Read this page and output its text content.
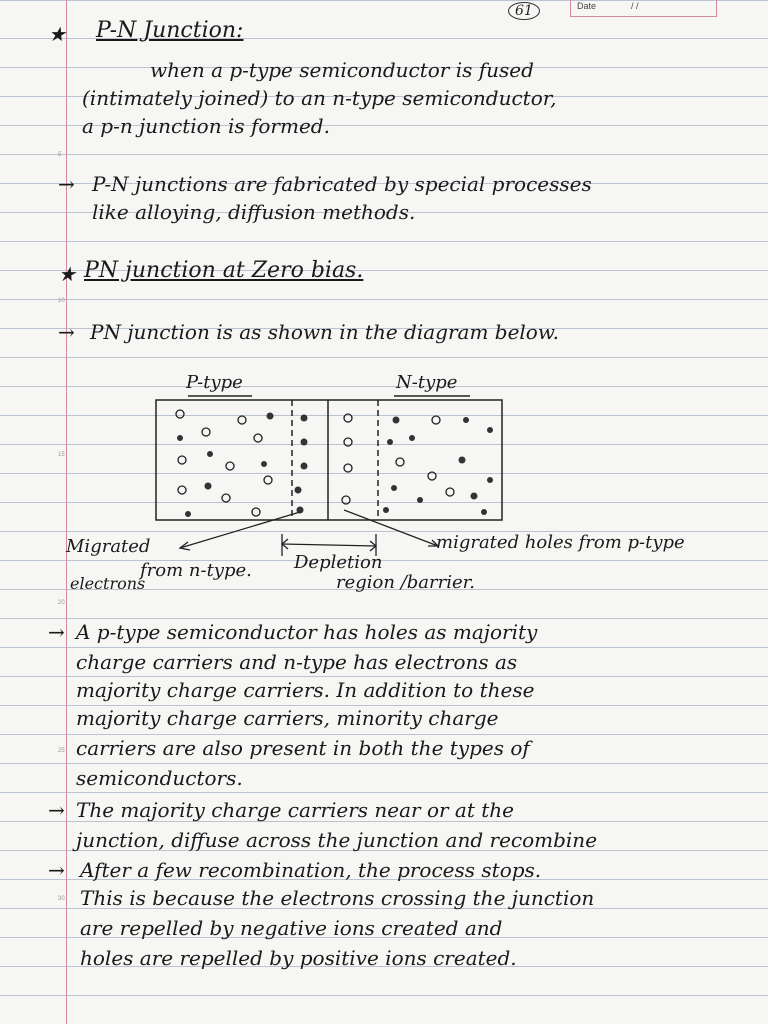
Date	/ /
61
5
10
15
20
25
30
★ P-N Junction:
when a p-type semiconductor is fused
(intimately joined) to an n-type semiconductor,
a p-n junction is formed.
→ P-N junctions are fabricated by special processes
like alloying, diffusion methods.
★ PN junction at Zero bias.
→ PN junction is as shown in the diagram below.
P-type	N-type
Migrated
electrons
from n-type. Depletion
region /barrier.
migrated holes from p-type
→ A p-type semiconductor has holes as majority
charge carriers and n-type has electrons as
majority charge carriers. In addition to these
majority charge carriers, minority charge
carriers are also present in both the types of
semiconductors.
→ The majority charge carriers near or at the
junction, diffuse across the junction and recombine
→ After a few recombination, the process stops.
This is because the electrons crossing the junction
are repelled by negative ions created and
holes are repelled by positive ions created.
